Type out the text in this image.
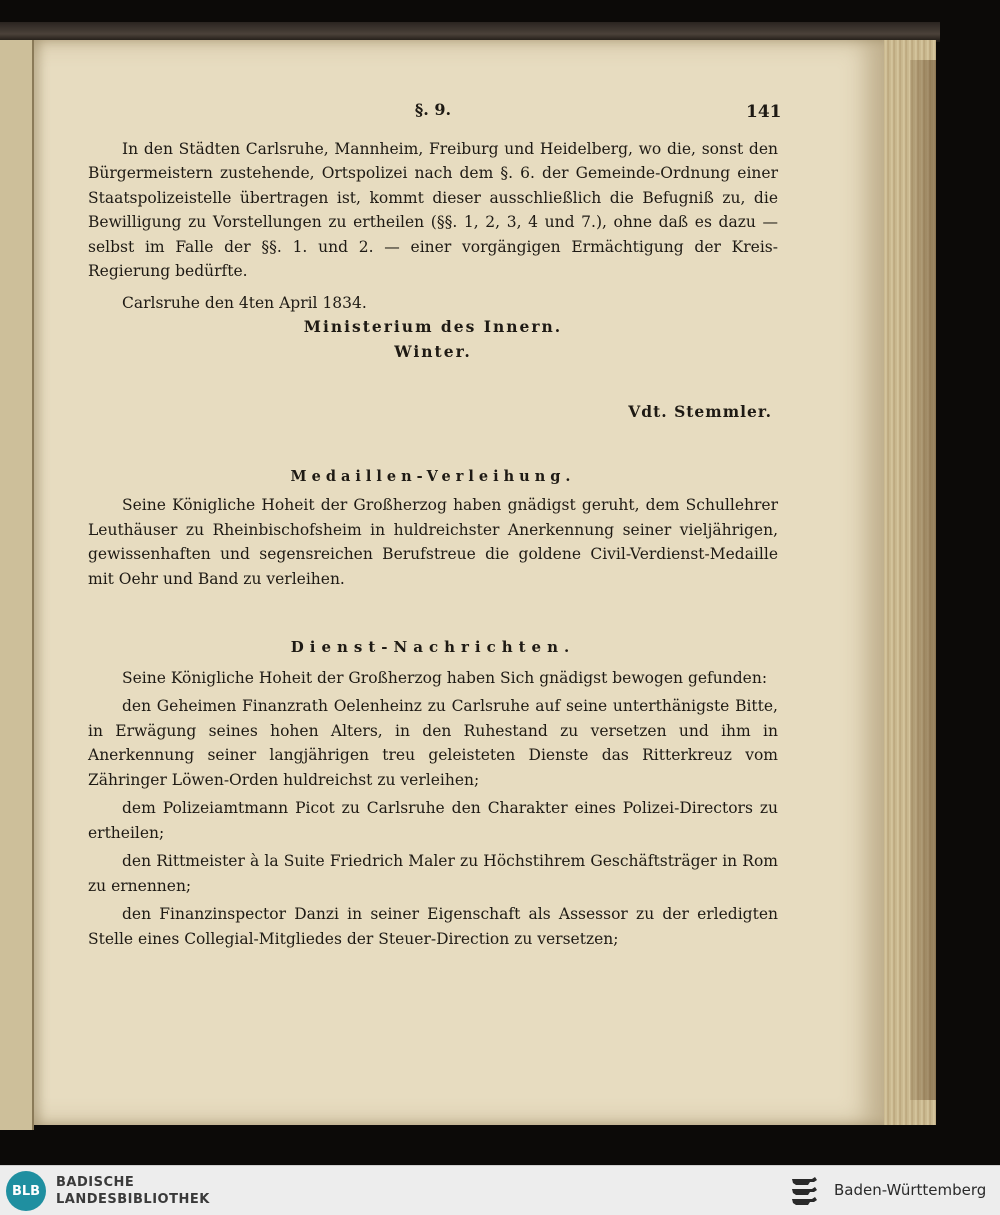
141
§. 9.

In den Städten Carlsruhe, Mannheim, Freiburg und Heidelberg, wo die, sonst den Bürgermeistern zustehende, Ortspolizei nach dem §. 6. der Gemeinde-Ordnung einer Staatspolizeistelle übertragen ist, kommt dieser ausschließlich die Befugniß zu, die Bewilligung zu Vorstellungen zu ertheilen (§§. 1, 2, 3, 4 und 7.), ohne daß es dazu — selbst im Falle der §§. 1. und 2. — einer vorgängigen Ermächtigung der Kreis-Regierung bedürfte.

Carlsruhe den 4ten April 1834.

Ministerium des Innern.

Winter.

Vdt. Stemmler.

Medaillen-Verleihung.

Seine Königliche Hoheit der Großherzog haben gnädigst geruht, dem Schullehrer Leuthäuser zu Rheinbischofsheim in huldreichster Anerkennung seiner vieljährigen, gewissenhaften und segensreichen Berufstreue die goldene Civil-Verdienst-Medaille mit Oehr und Band zu verleihen.

Dienst-Nachrichten.

Seine Königliche Hoheit der Großherzog haben Sich gnädigst bewogen gefunden:

den Geheimen Finanzrath Oelenheinz zu Carlsruhe auf seine unterthänigste Bitte, in Erwägung seines hohen Alters, in den Ruhestand zu versetzen und ihm in Anerkennung seiner langjährigen treu geleisteten Dienste das Ritterkreuz vom Zähringer Löwen-Orden huldreichst zu verleihen;

dem Polizeiamtmann Picot zu Carlsruhe den Charakter eines Polizei-Directors zu ertheilen;

den Rittmeister à la Suite Friedrich Maler zu Höchstihrem Geschäftsträger in Rom zu ernennen;

den Finanzinspector Danzi in seiner Eigenschaft als Assessor zu der erledigten Stelle eines Collegial-Mitgliedes der Steuer-Direction zu versetzen;

BLB
BADISCHE
LANDESBIBLIOTHEK
Baden-Württemberg
